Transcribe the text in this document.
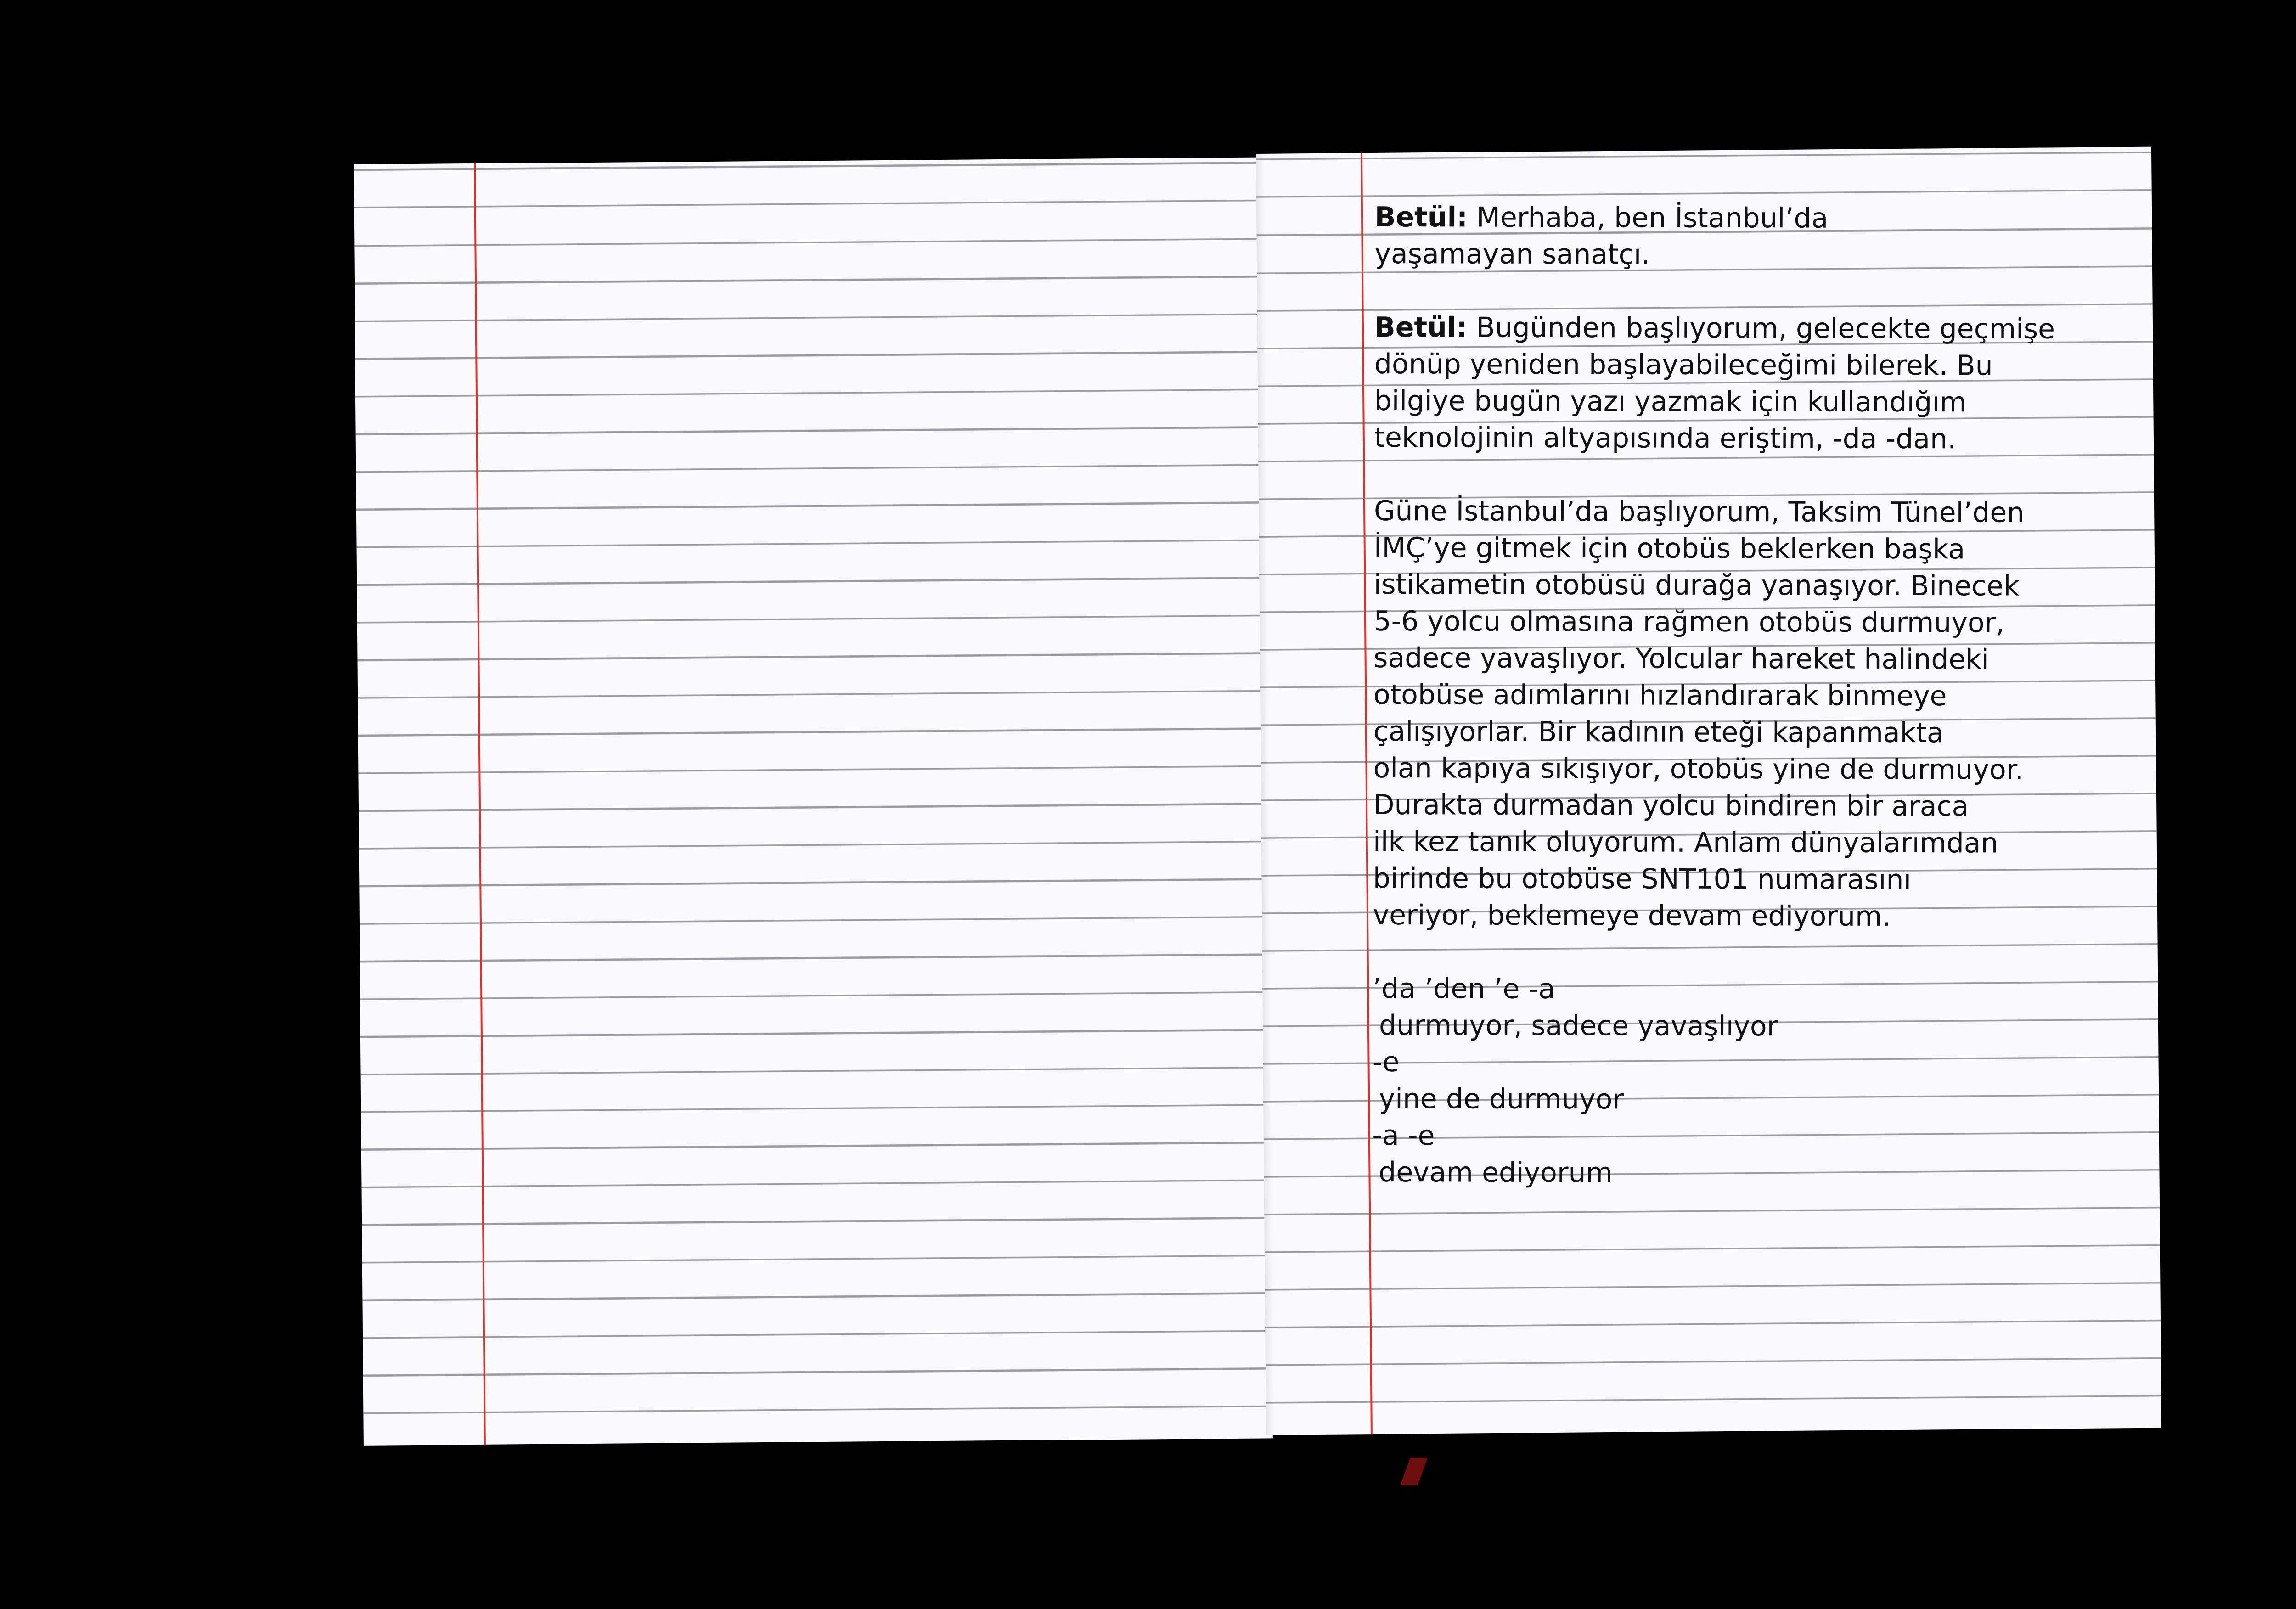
Betül: Merhaba, ben İstanbul’da
yaşamayan sanatçı.

Betül: Bugünden başlıyorum, gelecekte geçmişe
dönüp yeniden başlayabileceğimi bilerek. Bu
bilgiye bugün yazı yazmak için kullandığım
teknolojinin altyapısında eriştim, -da -dan.

Güne İstanbul’da başlıyorum, Taksim Tünel’den
İMÇ’ye gitmek için otobüs beklerken başka
istikametin otobüsü durağa yanaşıyor. Binecek
5-6 yolcu olmasına rağmen otobüs durmuyor,
sadece yavaşlıyor. Yolcular hareket halindeki
otobüse adımlarını hızlandırarak binmeye
çalışıyorlar. Bir kadının eteği kapanmakta
olan kapıya sıkışıyor, otobüs yine de durmuyor.
Durakta durmadan yolcu bindiren bir araca
ilk kez tanık oluyorum. Anlam dünyalarımdan
birinde bu otobüse SNT101 numarasını
veriyor, beklemeye devam ediyorum.

’da ’den ’e -a
durmuyor, sadece yavaşlıyor
-e
yine de durmuyor
-a -e
devam ediyorum
